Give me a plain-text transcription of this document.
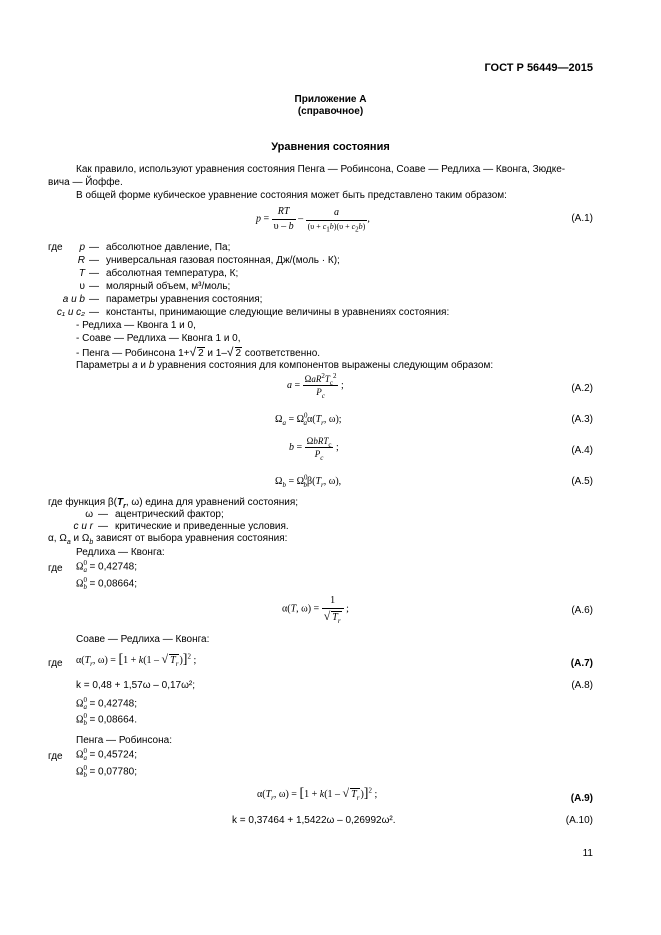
ГОСТ Р 56449—2015
Приложение А
(справочное)
Уравнения состояния
Как правило, используют уравнения состояния Пенга — Робинсона, Соаве — Редлиха — Квонга, Зюдке-
вича — Йоффе.
В общей форме кубическое уравнение состояния может быть представлено таким образом:
$p = \frac{RT}{\upsilon - b} - \frac{a}{(\upsilon + c_1b)(\upsilon + c_2b)}$ ,	(А.1)
где	p — абсолютное давление, Па;
R — универсальная газовая постоянная, Дж/(моль · К);
T — абсолютная температура, К;
υ — молярный объем, м³/моль;
a и b — параметры уравнения состояния;
c₁ и c₂ — константы, принимающие следующие величины в уравнениях состояния:
- Редлиха — Квонга 1 и 0,
- Соаве — Редлиха — Квонга 1 и 0,
- Пенга — Робинсона 1+√ 2 и 1–√ 2 соответственно.
Параметры a и b уравнения состояния для компонентов выражены следующим образом:
$a = \frac{\Omega aR^2T_c^2}{P_c}$ ;	(А.2)
$\Omega_a = \Omega^0_a\alpha(T_r$, ω);	(А.3)
$b = \frac{\Omega bRT_c}{P_c}$ ;	(А.4)
$\Omega_b = \Omega^0_b\beta(T_r$, ω),	(А.5)
где функция $\beta(T_r$, ω) едина для уравнений состояния;
ω — ацентрический фактор;
c и r — критические и приведенные условия.
α, $\Omega_a$ и $\Omega_b$ зависят от выбора уравнения состояния:
Редлиха — Квонга:
где Ω 0
a = 0,42748;
Ω 0
b = 0,08664;
α(T, $\omega) = \frac{1}{√ T_r}$ ;	(А.6)
Соаве — Редлиха — Квонга:
где $\alpha(T_r$, ω) = [1 + k(1 – √ $T_r)]^2$ ;	(А.7)
k = 0,48 + 1,57ω – 0,17ω²;	(А.8)
Ω 0
a = 0,42748;
Ω 0
b = 0,08664.
Пенга — Робинсона:
где Ω 0
a = 0,45724;
Ω 0
b = 0,07780;
$\alpha(T_r$, ω) = [1 + k(1 – √ $T_r)]^2$ ;	(А.9)
k = 0,37464 + 1,5422ω – 0,26992ω².	(А.10)
11
